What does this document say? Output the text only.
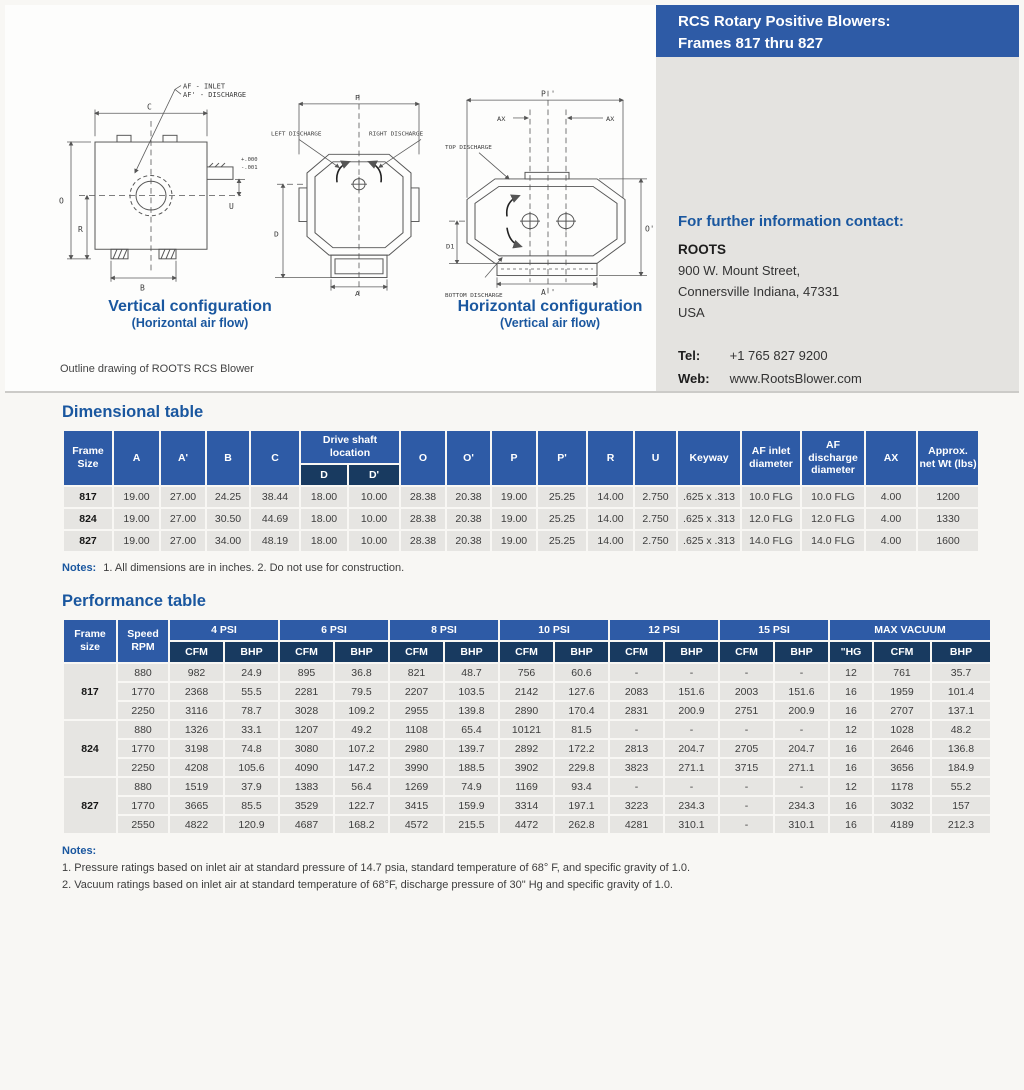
AF - INLET
AF' - DISCHARGE
C
O
R
B
U
+.000
-.001
P
LEFT DISCHARGE	RIGHT DISCHARGE
D
A
P '
AX	AX
TOP DISCHARGE
O'
D1
BOTTOM DISCHARGE	A '
Vertical configuration
(Horizontal air flow)
Horizontal configuration
(Vertical air flow)
Outline drawing of ROOTS RCS Blower
RCS Rotary Positive Blowers:
Frames 817 thru 827
For further information contact:
ROOTS
900 W. Mount Street,
Connersville Indiana, 47331
USA
Tel: +1 765 827 9200
Web: www.RootsBlower.com
Dimensional table
Frame Size	A	A'	B	C	Drive shaft location		O	O'	P	P'	R	U	Keyway	AF inlet diameter	AF discharge diameter	AX	Approx. net Wt (lbs)
					D	D'											
817	19.00	27.00	24.25	38.44	18.00	10.00	28.38	20.38	19.00	25.25	14.00	2.750	.625 x .313	10.0 FLG	10.0 FLG	4.00	1200
824	19.00	27.00	30.50	44.69	18.00	10.00	28.38	20.38	19.00	25.25	14.00	2.750	.625 x .313	12.0 FLG	12.0 FLG	4.00	1330
827	19.00	27.00	34.00	48.19	18.00	10.00	28.38	20.38	19.00	25.25	14.00	2.750	.625 x .313	14.0 FLG	14.0 FLG	4.00	1600
Notes: 1. All dimensions are in inches. 2. Do not use for construction.
Performance table
Frame size	Speed RPM	4 PSI		6 PSI		8 PSI		10 PSI		12 PSI		15 PSI		MAX VACUUM		
		CFM	BHP	CFM	BHP	CFM	BHP	CFM	BHP	CFM	BHP	CFM	BHP	"HG	CFM	BHP
817	880	982	24.9	895	36.8	821	48.7	756	60.6	-	-	-	-	12	761	35.7
	1770	2368	55.5	2281	79.5	2207	103.5	2142	127.6	2083	151.6	2003	151.6	16	1959	101.4
	2250	3116	78.7	3028	109.2	2955	139.8	2890	170.4	2831	200.9	2751	200.9	16	2707	137.1
824	880	1326	33.1	1207	49.2	1108	65.4	10121	81.5	-	-	-	-	12	1028	48.2
	1770	3198	74.8	3080	107.2	2980	139.7	2892	172.2	2813	204.7	2705	204.7	16	2646	136.8
	2250	4208	105.6	4090	147.2	3990	188.5	3902	229.8	3823	271.1	3715	271.1	16	3656	184.9
827	880	1519	37.9	1383	56.4	1269	74.9	1169	93.4	-	-	-	-	12	1178	55.2
	1770	3665	85.5	3529	122.7	3415	159.9	3314	197.1	3223	234.3	-	234.3	16	3032	157
	2550	4822	120.9	4687	168.2	4572	215.5	4472	262.8	4281	310.1	-	310.1	16	4189	212.3
Notes:
1. Pressure ratings based on inlet air at standard pressure of 14.7 psia, standard temperature of 68° F, and specific gravity of 1.0.
2. Vacuum ratings based on inlet air at standard temperature of 68°F, discharge pressure of 30" Hg and specific gravity of 1.0.
